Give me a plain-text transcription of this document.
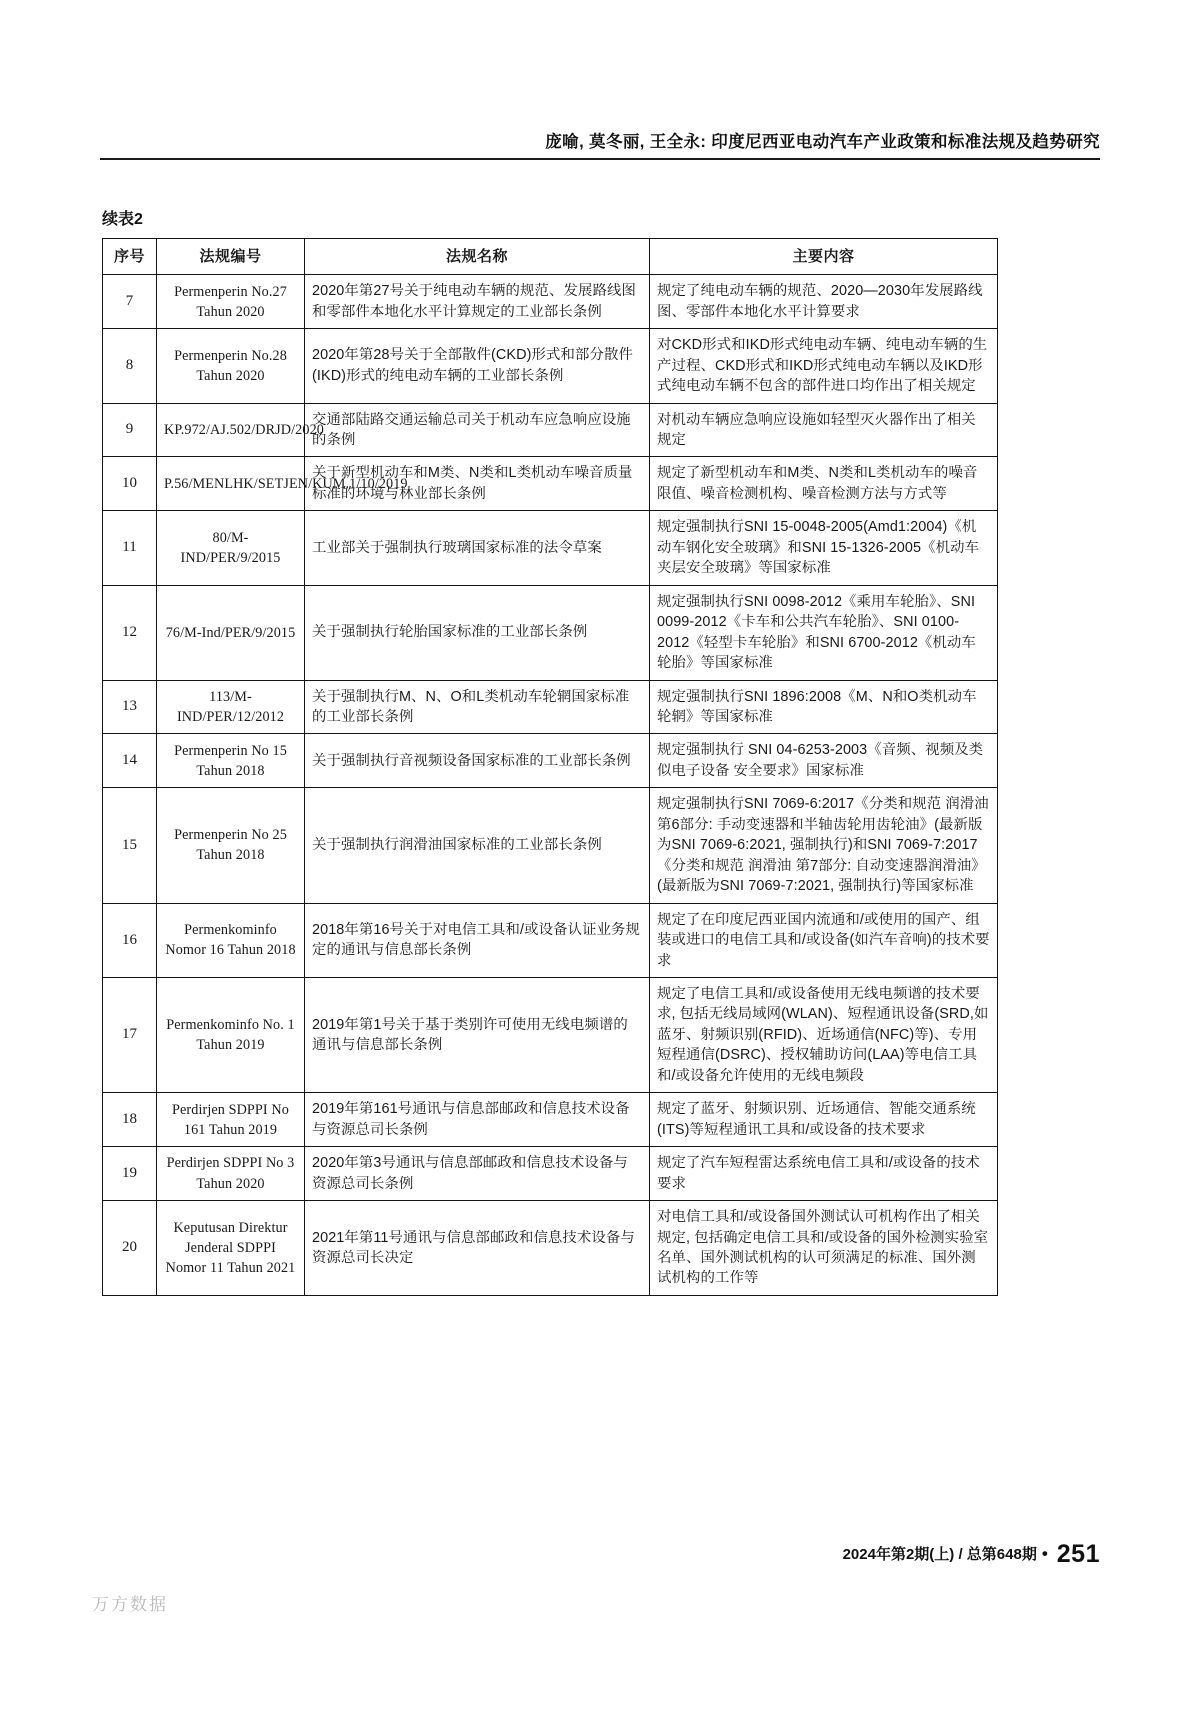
庞喻, 莫冬丽, 王全永: 印度尼西亚电动汽车产业政策和标准法规及趋势研究
续表2
序号	法规编号	法规名称	主要内容
7	Permenperin No.27 Tahun 2020	2020年第27号关于纯电动车辆的规范、发展路线图和零部件本地化水平计算规定的工业部长条例	规定了纯电动车辆的规范、2020—2030年发展路线图、零部件本地化水平计算要求
8	Permenperin No.28 Tahun 2020	2020年第28号关于全部散件(CKD)形式和部分散件(IKD)形式的纯电动车辆的工业部长条例	对CKD形式和IKD形式纯电动车辆、纯电动车辆的生产过程、CKD形式和IKD形式纯电动车辆以及IKD形式纯电动车辆不包含的部件进口均作出了相关规定
9	KP.972/AJ.502/DRJD/2020	交通部陆路交通运输总司关于机动车应急响应设施的条例	对机动车辆应急响应设施如轻型灭火器作出了相关规定
10	P.56/MENLHK/SETJEN/KUM.1/10/2019	关于新型机动车和M类、N类和L类机动车噪音质量标准的环境与林业部长条例	规定了新型机动车和M类、N类和L类机动车的噪音限值、噪音检测机构、噪音检测方法与方式等
11	80/M-IND/PER/9/2015	工业部关于强制执行玻璃国家标准的法令草案	规定强制执行SNI 15-0048-2005(Amd1:2004)《机动车钢化安全玻璃》和SNI 15-1326-2005《机动车夹层安全玻璃》等国家标准
12	76/M-Ind/PER/9/2015	关于强制执行轮胎国家标准的工业部长条例	规定强制执行SNI 0098-2012《乘用车轮胎》、SNI 0099-2012《卡车和公共汽车轮胎》、SNI 0100-2012《轻型卡车轮胎》和SNI 6700-2012《机动车轮胎》等国家标准
13	113/M-IND/PER/12/2012	关于强制执行M、N、O和L类机动车轮辋国家标准的工业部长条例	规定强制执行SNI 1896:2008《M、N和O类机动车轮辋》等国家标准
14	Permenperin No 15 Tahun 2018	关于强制执行音视频设备国家标准的工业部长条例	规定强制执行 SNI 04-6253-2003《音频、视频及类似电子设备 安全要求》国家标准
15	Permenperin No 25 Tahun 2018	关于强制执行润滑油国家标准的工业部长条例	规定强制执行SNI 7069-6:2017《分类和规范 润滑油 第6部分: 手动变速器和半轴齿轮用齿轮油》(最新版为SNI 7069-6:2021, 强制执行)和SNI 7069-7:2017《分类和规范 润滑油 第7部分: 自动变速器润滑油》(最新版为SNI 7069-7:2021, 强制执行)等国家标准
16	Permenkominfo Nomor 16 Tahun 2018	2018年第16号关于对电信工具和/或设备认证业务规定的通讯与信息部长条例	规定了在印度尼西亚国内流通和/或使用的国产、组装或进口的电信工具和/或设备(如汽车音响)的技术要求
17	Permenkominfo No. 1 Tahun 2019	2019年第1号关于基于类别许可使用无线电频谱的通讯与信息部长条例	规定了电信工具和/或设备使用无线电频谱的技术要求, 包括无线局域网(WLAN)、短程通讯设备(SRD,如蓝牙、射频识别(RFID)、近场通信(NFC)等)、专用短程通信(DSRC)、授权辅助访问(LAA)等电信工具和/或设备允许使用的无线电频段
18	Perdirjen SDPPI No 161 Tahun 2019	2019年第161号通讯与信息部邮政和信息技术设备与资源总司长条例	规定了蓝牙、射频识别、近场通信、智能交通系统(ITS)等短程通讯工具和/或设备的技术要求
19	Perdirjen SDPPI No 3 Tahun 2020	2020年第3号通讯与信息部邮政和信息技术设备与资源总司长条例	规定了汽车短程雷达系统电信工具和/或设备的技术要求
20	Keputusan Direktur Jenderal SDPPI Nomor 11 Tahun 2021	2021年第11号通讯与信息部邮政和信息技术设备与资源总司长决定	对电信工具和/或设备国外测试认可机构作出了相关规定, 包括确定电信工具和/或设备的国外检测实验室名单、国外测试机构的认可须满足的标准、国外测试机构的工作等
2024年第2期(上) / 总第648期 • 251
万方数据
